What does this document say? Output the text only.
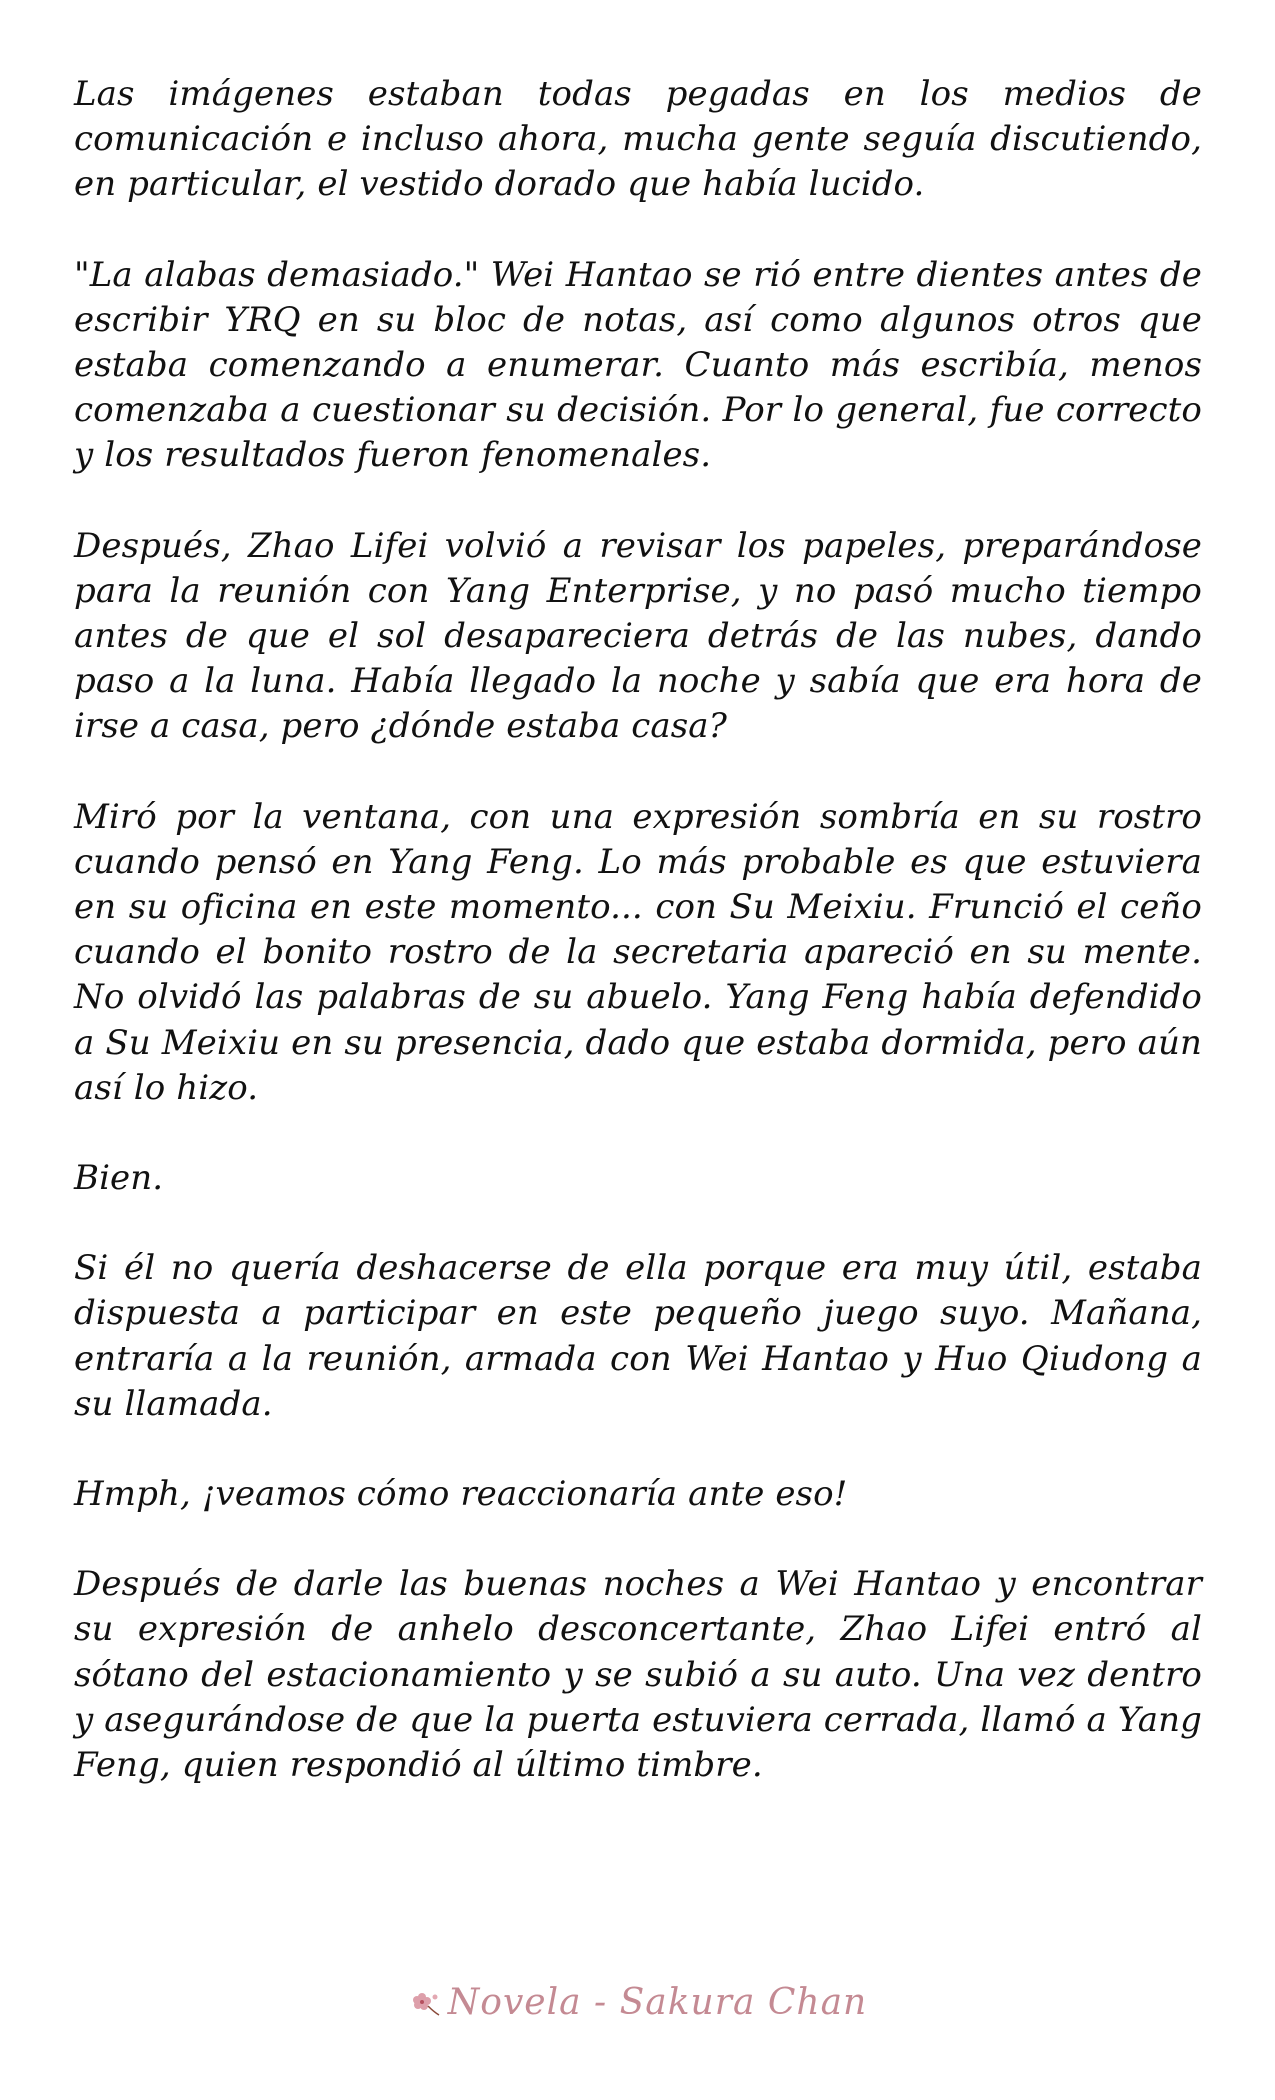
Las imágenes estaban todas pegadas en los medios de comunicación e incluso ahora, mucha gente seguía discutiendo, en particular, el vestido dorado que había lucido.

"La alabas demasiado." Wei Hantao se rió entre dientes antes de escribir YRQ en su bloc de notas, así como algunos otros que estaba comenzando a enumerar. Cuanto más escribía, menos comenzaba a cuestionar su decisión. Por lo general, fue correcto y los resultados fueron fenomenales.

Después, Zhao Lifei volvió a revisar los papeles, preparándose para la reunión con Yang Enterprise, y no pasó mucho tiempo antes de que el sol desapareciera detrás de las nubes, dando paso a la luna. Había llegado la noche y sabía que era hora de irse a casa, pero ¿dónde estaba casa?

Miró por la ventana, con una expresión sombría en su rostro cuando pensó en Yang Feng. Lo más probable es que estuviera en su oficina en este momento... con Su Meixiu. Frunció el ceño cuando el bonito rostro de la secretaria apareció en su mente. No olvidó las palabras de su abuelo. Yang Feng había defendido a Su Meixiu en su presencia, dado que estaba dormida, pero aún así lo hizo.

Bien.

Si él no quería deshacerse de ella porque era muy útil, estaba dispuesta a participar en este pequeño juego suyo. Mañana, entraría a la reunión, armada con Wei Hantao y Huo Qiudong a su llamada.

Hmph, ¡veamos cómo reaccionaría ante eso!

Después de darle las buenas noches a Wei Hantao y encontrar su expresión de anhelo desconcertante, Zhao Lifei entró al sótano del estacionamiento y se subió a su auto. Una vez dentro y asegurándose de que la puerta estuviera cerrada, llamó a Yang Feng, quien respondió al último timbre.

Novela - Sakura Chan
